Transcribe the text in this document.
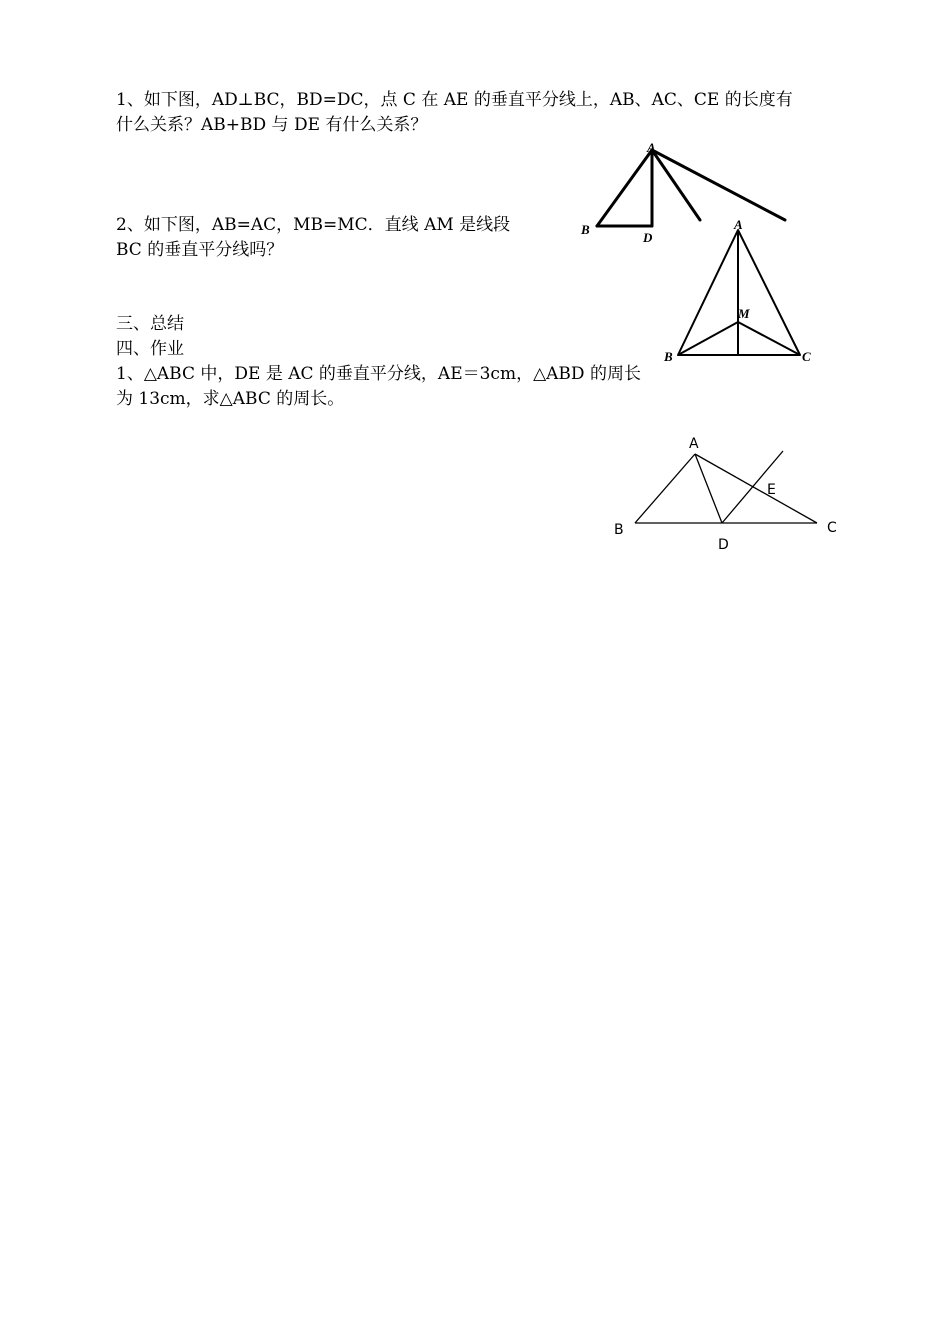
1、如下图，AD⊥BC，BD=DC，点 C 在 AE 的垂直平分线上，AB、AC、CE 的长度有
什么关系？AB+BD 与 DE 有什么关系？
A
B
D
2、如下图，AB=AC，MB=MC．直线 AM 是线段
BC 的垂直平分线吗？
A
M
B	C
三、总结
四、作业
1、△ABC 中，DE 是 AC 的垂直平分线，AE＝3cm，△ABD 的周长
为 13cm，求△ABC 的周长。
A
E
B
D
C
